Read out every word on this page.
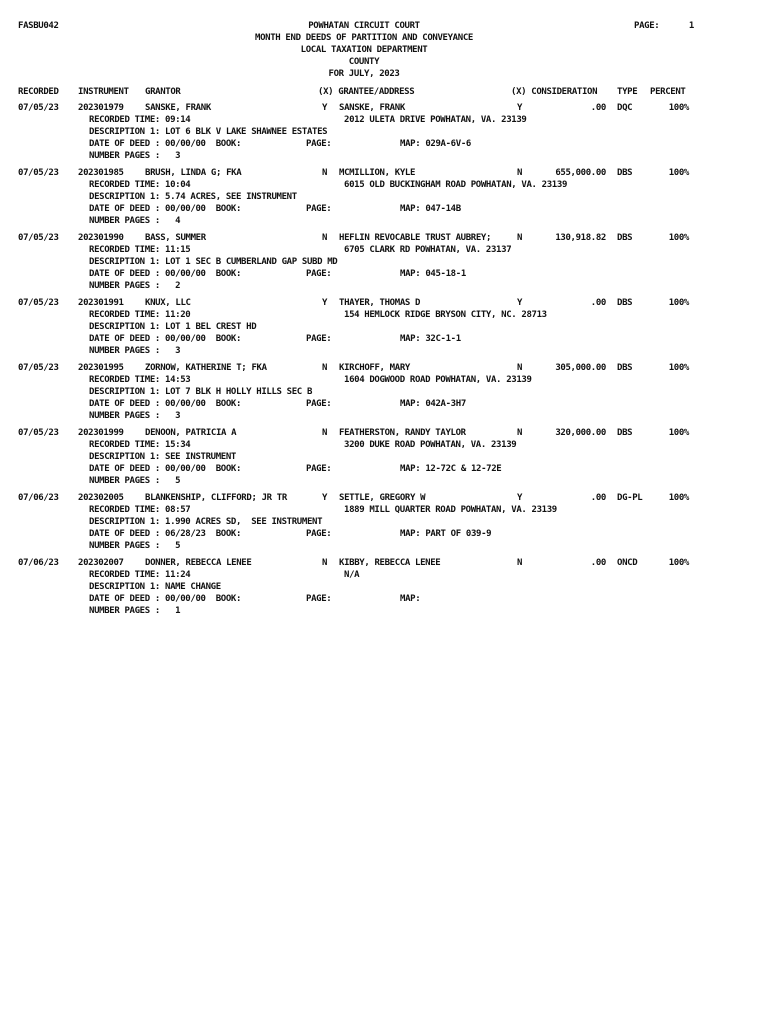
FASBU042	POWHATAN CIRCUIT COURT
MONTH END DEEDS OF PARTITION AND CONVEYANCE
LOCAL TAXATION DEPARTMENT
COUNTY
FOR JULY, 2023
PAGE:	1
RECORDED INSTRUMENT GRANTOR	(X) GRANTEE/ADDRESS	(X) CONSIDERATION TYPE PERCENT
07/05/23 202301979 SANSKE, FRANK	Y SANSKE, FRANK	Y	.00 DQC	100%
RECORDED TIME: 09:14	2012 ULETA DRIVE POWHATAN, VA. 23139
DESCRIPTION 1: LOT 6 BLK V LAKE SHAWNEE ESTATES
DATE OF DEED : 00/00/00  BOOK:	PAGE:	MAP: 029A-6V-6
NUMBER PAGES :   3
07/05/23 202301985 BRUSH, LINDA G; FKA	N MCMILLION, KYLE	N	655,000.00 DBS	100%
RECORDED TIME: 10:04	6015 OLD BUCKINGHAM ROAD POWHATAN, VA. 23139
DESCRIPTION 1: 5.74 ACRES, SEE INSTRUMENT
DATE OF DEED : 00/00/00  BOOK:	PAGE:	MAP: 047-14B
NUMBER PAGES :   4
07/05/23 202301990 BASS, SUMMER	N HEFLIN REVOCABLE TRUST AUBREY;	N	130,918.82 DBS	100%
RECORDED TIME: 11:15	6705 CLARK RD POWHATAN, VA. 23137
DESCRIPTION 1: LOT 1 SEC B CUMBERLAND GAP SUBD MD
DATE OF DEED : 00/00/00  BOOK:	PAGE:	MAP: 045-18-1
NUMBER PAGES :   2
07/05/23 202301991 KNUX, LLC	Y THAYER, THOMAS D	Y	.00 DBS	100%
RECORDED TIME: 11:20	154 HEMLOCK RIDGE BRYSON CITY, NC. 28713
DESCRIPTION 1: LOT 1 BEL CREST HD
DATE OF DEED : 00/00/00  BOOK:	PAGE:	MAP: 32C-1-1
NUMBER PAGES :   3
07/05/23 202301995 ZORNOW, KATHERINE T; FKA	N KIRCHOFF, MARY	N	305,000.00 DBS	100%
RECORDED TIME: 14:53	1604 DOGWOOD ROAD POWHATAN, VA. 23139
DESCRIPTION 1: LOT 7 BLK H HOLLY HILLS SEC B
DATE OF DEED : 00/00/00  BOOK:	PAGE:	MAP: 042A-3H7
NUMBER PAGES :   3
07/05/23 202301999 DENOON, PATRICIA A	N FEATHERSTON, RANDY TAYLOR	N	320,000.00 DBS	100%
RECORDED TIME: 15:34	3200 DUKE ROAD POWHATAN, VA. 23139
DESCRIPTION 1: SEE INSTRUMENT
DATE OF DEED : 00/00/00  BOOK:	PAGE:	MAP: 12-72C & 12-72E
NUMBER PAGES :   5
07/06/23 202302005 BLANKENSHIP, CLIFFORD; JR TR	Y SETTLE, GREGORY W	Y	.00 DG-PL	100%
RECORDED TIME: 08:57	1889 MILL QUARTER ROAD POWHATAN, VA. 23139
DESCRIPTION 1: 1.990 ACRES SD,  SEE INSTRUMENT
DATE OF DEED : 06/28/23  BOOK:	PAGE:	MAP: PART OF 039-9
NUMBER PAGES :   5
07/06/23 202302007 DONNER, REBECCA LENEE	N KIBBY, REBECCA LENEE	N	.00 ONCD	100%
RECORDED TIME: 11:24	N/A
DESCRIPTION 1: NAME CHANGE
DATE OF DEED : 00/00/00  BOOK:	PAGE:	MAP:
NUMBER PAGES :   1
